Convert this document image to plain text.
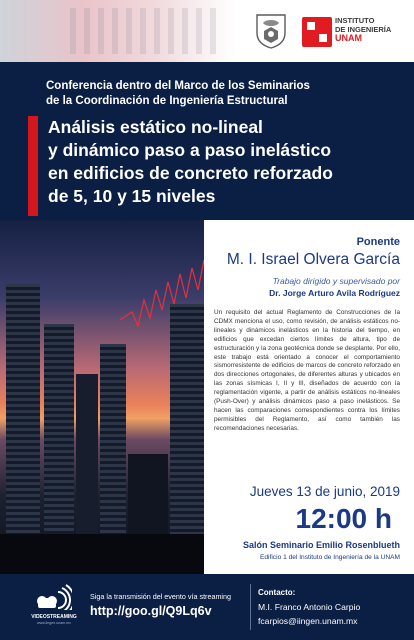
INSTITUTO
DE INGENIERÍA
UNAM
Conferencia dentro del Marco de los Seminarios
de la Coordinación de Ingeniería Estructural
Análisis estático no-lineal
y dinámico paso a paso inelástico
en edificios de concreto reforzado
de 5, 10 y 15 niveles
Ponente
M. I. Israel Olvera García
Trabajo dirigido y supervisado por
Dr. Jorge Arturo Avila Rodríguez
Un requisito del actual Reglamento de Construcciones de la CDMX menciona el uso, como revisión, de análisis estáticos no-lineales y dinámicos inelásticos en la historia del tiempo, en edificios que excedan ciertos límites de altura, tipo de estructuración y la zona geotécnica donde se desplante. Por ello, este trabajo está orientado a conocer el comportamiento sismorresistente de edificios de marcos de concreto reforzado en dos direcciones ortogonales, de diferentes alturas y ubicados en las zonas sísmicas I, II y III, diseñados de acuerdo con la reglamentación vigente, a partir de análisis estáticos no-lineales (Push-Over) y análisis dinámicos paso a paso inelásticos. Se hacen las comparaciones correspondientes contra los límites permisibles del Reglamento, así como también las recomendaciones necesarias.
Jueves 13 de junio, 2019
12:00 h
Salón Seminario Emilio Rosenblueth
Edificio 1 del Instituto de Ingeniería de la UNAM
VIDEOSTREAMING
www.iingen.unam.mx
Siga la transmisión del evento vía streaming
http://goo.gl/Q9Lq6v
Contacto:
M.I. Franco Antonio Carpio
fcarpios@iingen.unam.mx
